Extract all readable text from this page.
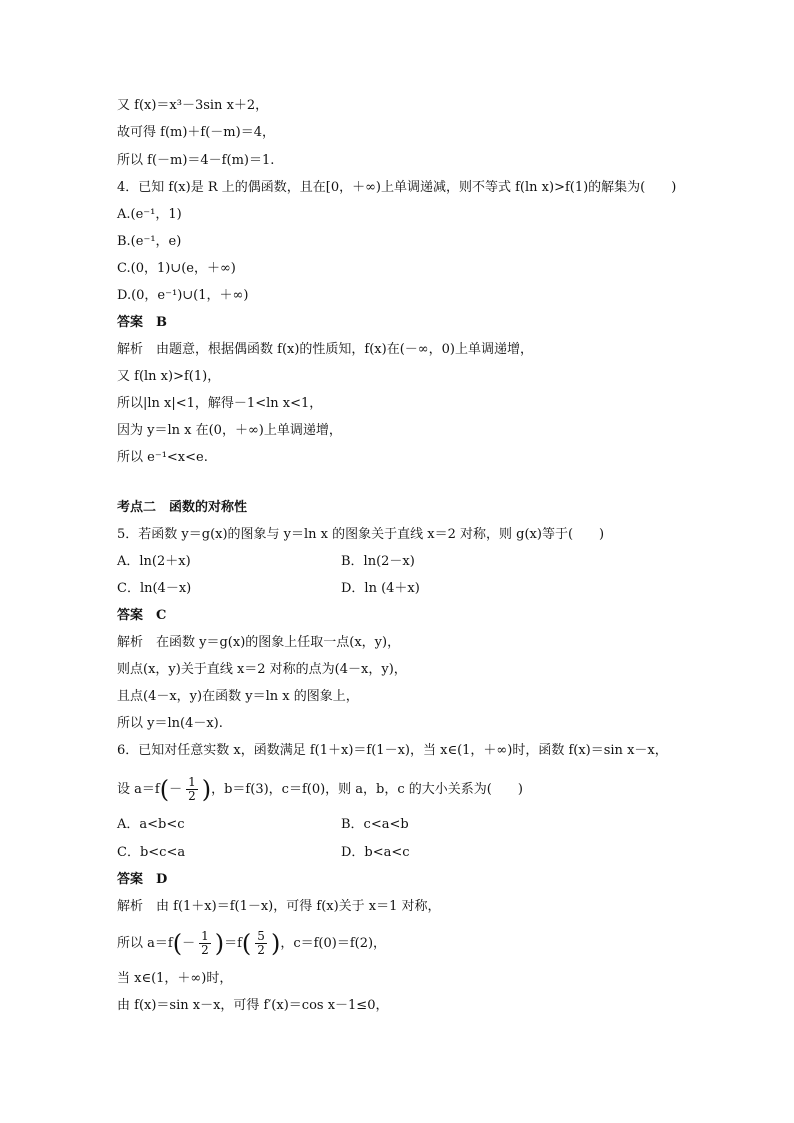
又 f(x)＝x³－3sin x＋2，
故可得 f(m)＋f(－m)＝4，
所以 f(－m)＝4－f(m)＝1.
4．已知 f(x)是 R 上的偶函数，且在[0，＋∞)上单调递减，则不等式 f(ln x)>f(1)的解集为(　　)
A.(e⁻¹，1)
B.(e⁻¹，e)
C.(0，1)∪(e，＋∞)
D.(0，e⁻¹)∪(1，＋∞)
答案　B
解析　由题意，根据偶函数 f(x)的性质知，f(x)在(－∞，0)上单调递增，
又 f(ln x)>f(1)，
所以|ln x|<1，解得－1<ln x<1，
因为 y＝ln x 在(0，＋∞)上单调递增，
所以 e⁻¹<x<e.
考点二　函数的对称性
5．若函数 y＝g(x)的图象与 y＝ln x 的图象关于直线 x＝2 对称，则 g(x)等于(　　)
A．ln(2＋x)	B．ln(2－x)
C．ln(4－x)	D．ln (4＋x)
答案　C
解析　在函数 y＝g(x)的图象上任取一点(x，y)，
则点(x，y)关于直线 x＝2 对称的点为(4－x，y)，
且点(4－x，y)在函数 y＝ln x 的图象上，
所以 y＝ln(4－x).
6．已知对任意实数 x，函数满足 f(1＋x)＝f(1－x)，当 x∈(1，＋∞)时，函数 f(x)＝sin x－x，
设 $a=f(- \frac{1}{2}$ )，b＝f(3)，c＝f(0)，则 a，b，c 的大小关系为(　　)
A．a<b<c	B．c<a<b
C．b<c<a	D．b<a<c
答案　D
解析　由 f(1＋x)＝f(1－x)，可得 f(x)关于 x＝1 对称，
所以 $a=f(- \frac{1}{2} )=f( \frac{5}{2}$ )，c＝f(0)＝f(2)，
当 x∈(1，＋∞)时，
由 f(x)＝sin x－x，可得 f′(x)＝cos x－1≤0，
